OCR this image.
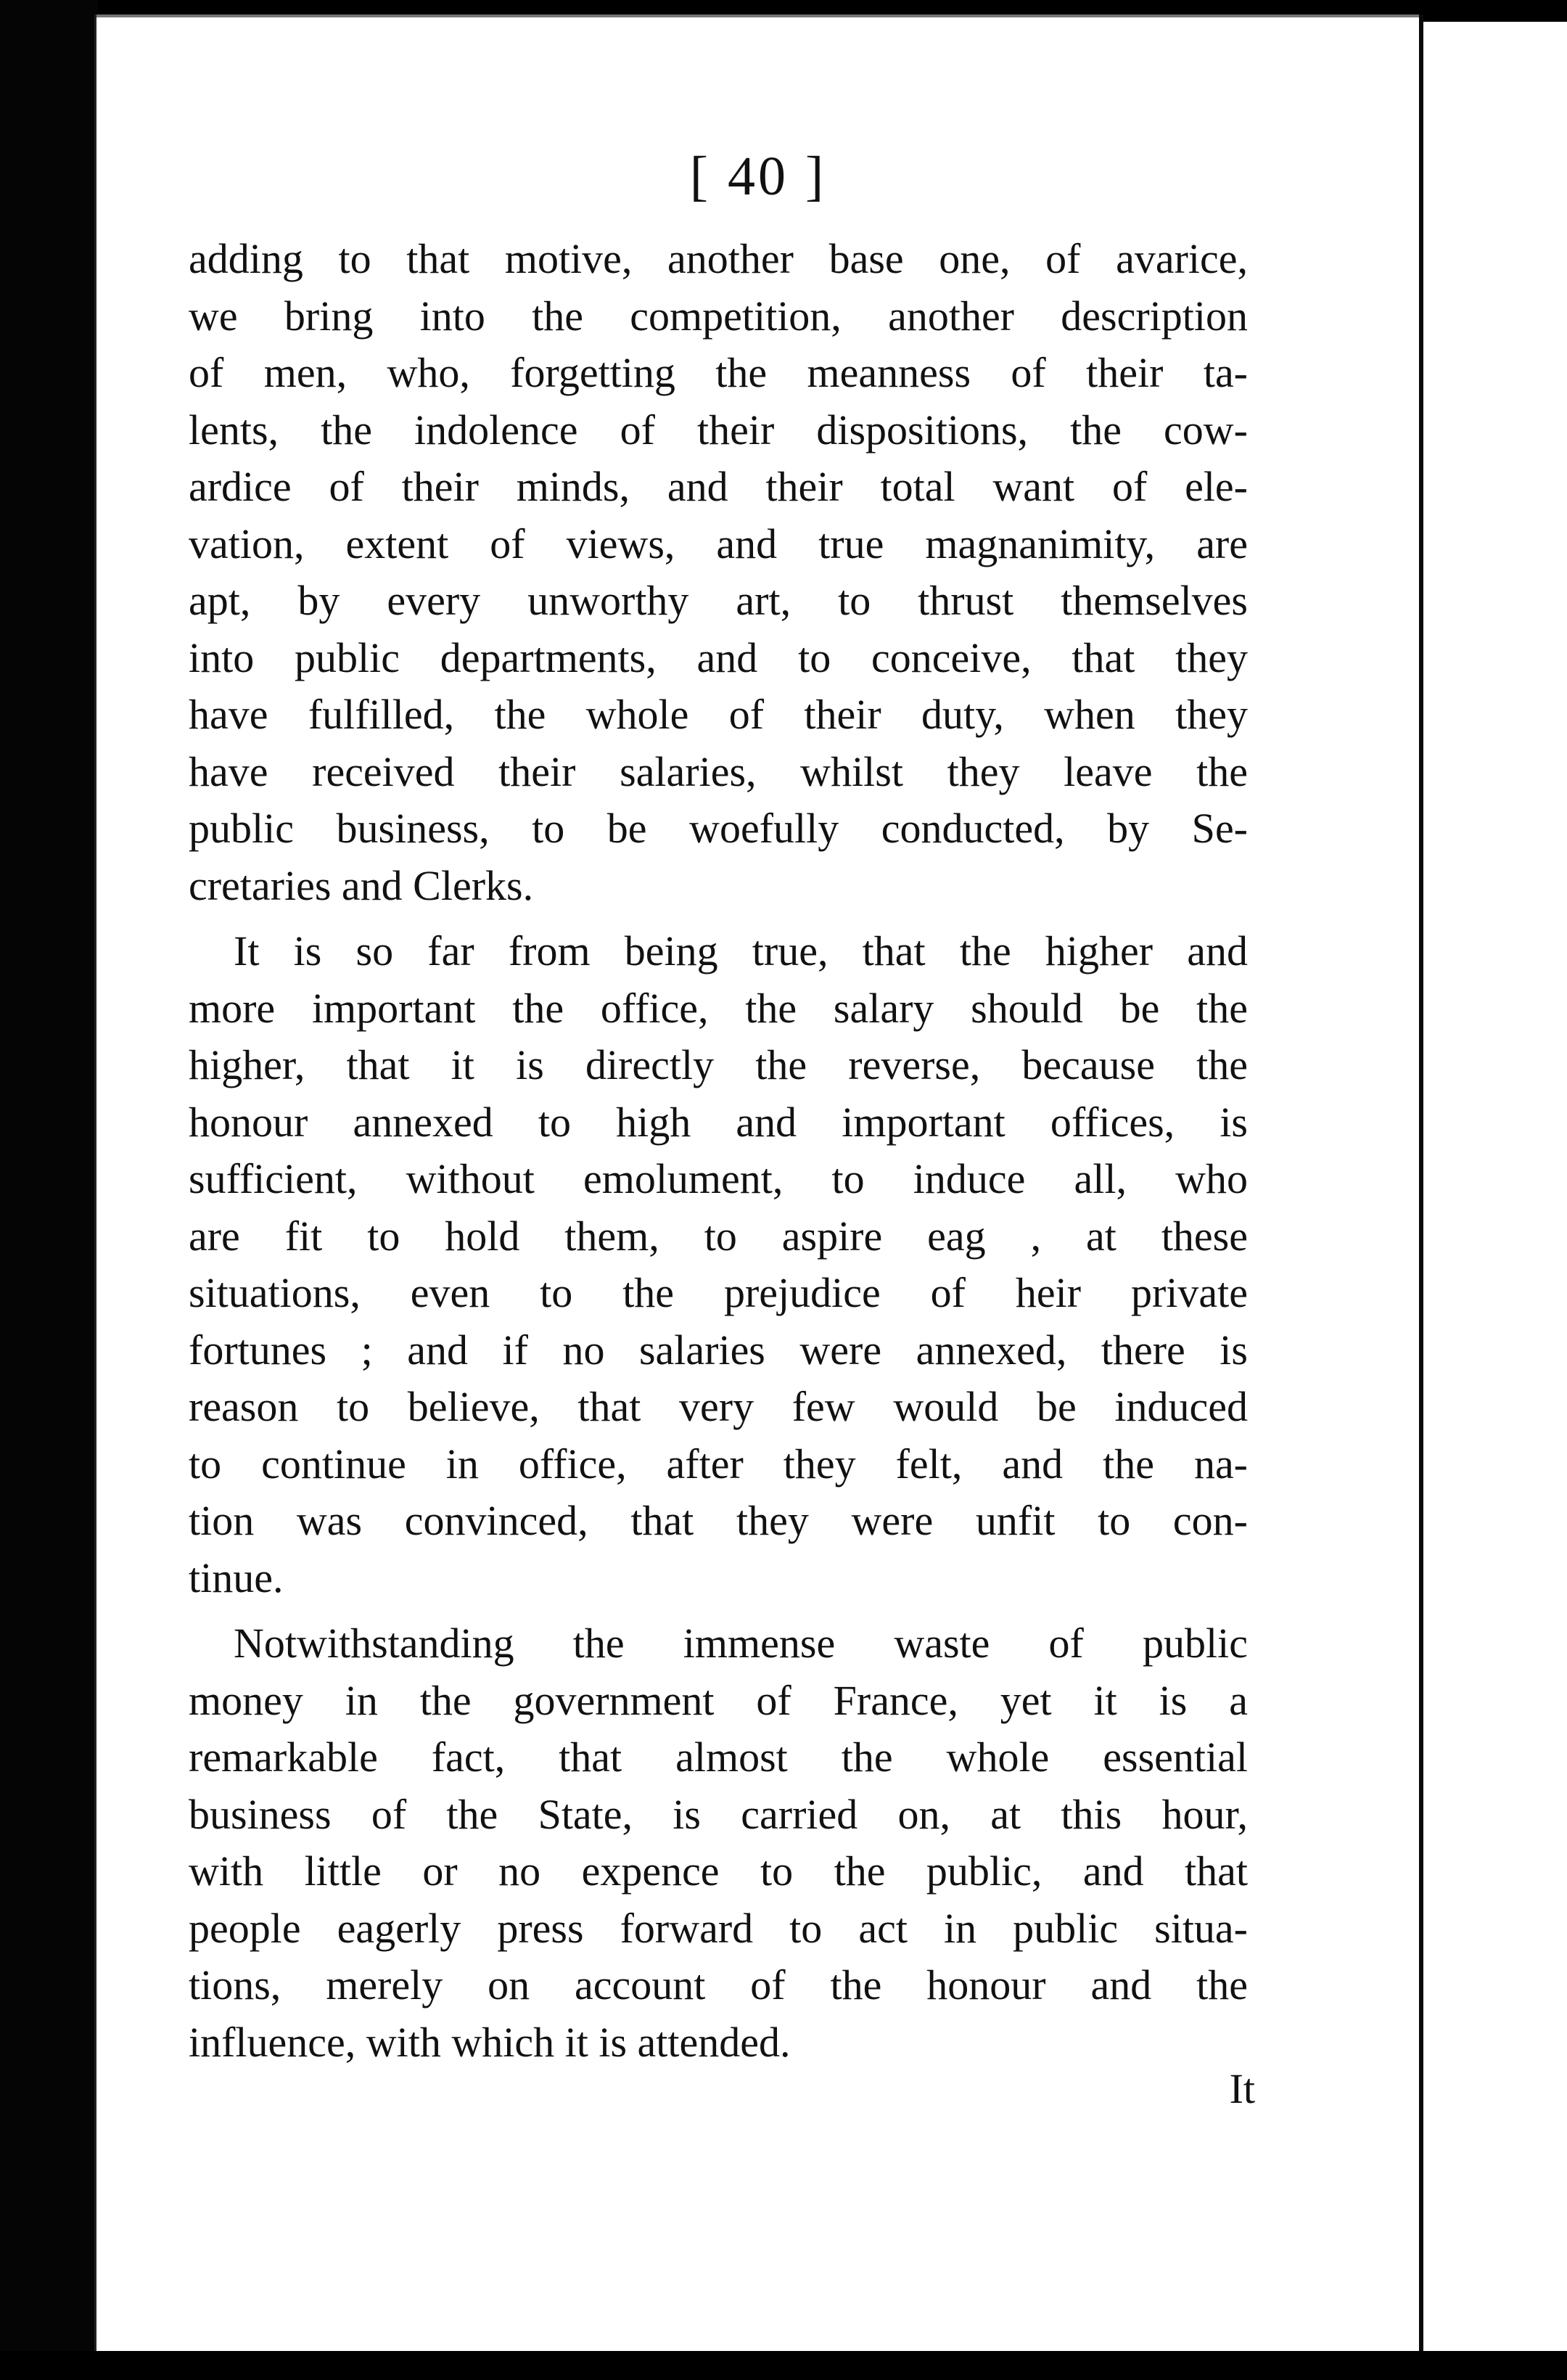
[ 40 ]
adding to that motive, another base one, of avarice,
we bring into the competition, another description
of men, who, forgetting the meanness of their ta-
lents, the indolence of their dispositions, the cow-
ardice of their minds, and their total want of ele-
vation, extent of views, and true magnanimity, are
apt, by every unworthy art, to thrust themselves
into public departments, and to conceive, that they
have fulfilled, the whole of their duty, when they
have received their salaries, whilst they leave the
public business, to be woefully conducted, by Se-
cretaries and Clerks.
It is so far from being true, that the higher and
more important the office, the salary should be the
higher, that it is directly the reverse, because the
honour annexed to high and important offices, is
sufficient, without emolument, to induce all, who
are fit to hold them, to aspire eag , at these
situations, even to the prejudice of heir private
fortunes ; and if no salaries were annexed, there is
reason to believe, that very few would be induced
to continue in office, after they felt, and the na-
tion was convinced, that they were unfit to con-
tinue.
Notwithstanding the immense waste of public
money in the government of France, yet it is a
remarkable fact, that almost the whole essential
business of the State, is carried on, at this hour,
with little or no expence to the public, and that
people eagerly press forward to act in public situa-
tions, merely on account of the honour and the
influence, with which it is attended.
It
